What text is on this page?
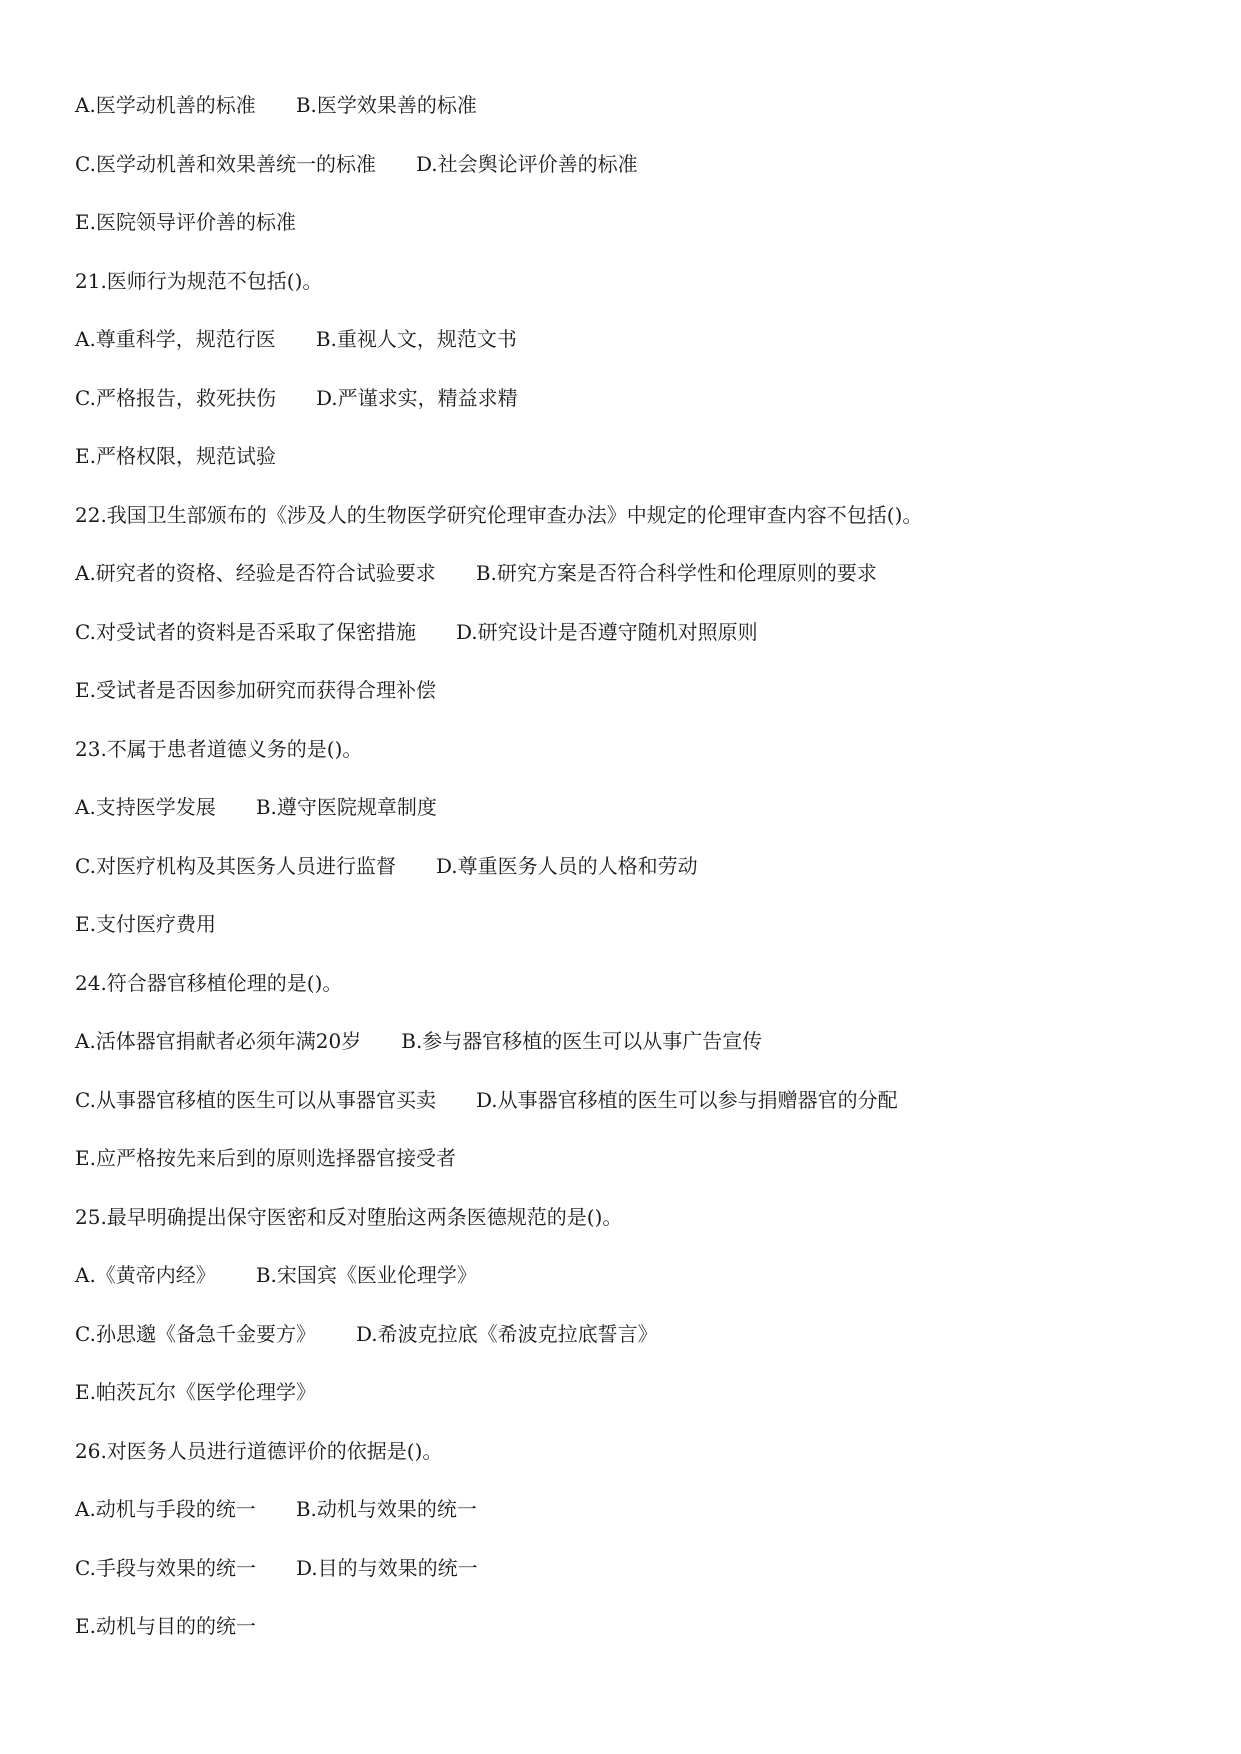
A.医学动机善的标准 B.医学效果善的标准
C.医学动机善和效果善统一的标准 D.社会舆论评价善的标准
E.医院领导评价善的标准
21.医师行为规范不包括()。
A.尊重科学，规范行医 B.重视人文，规范文书
C.严格报告，救死扶伤 D.严谨求实，精益求精
E.严格权限，规范试验
22.我国卫生部颁布的《涉及人的生物医学研究伦理审查办法》中规定的伦理审查内容不包括()。
A.研究者的资格、经验是否符合试验要求 B.研究方案是否符合科学性和伦理原则的要求
C.对受试者的资料是否采取了保密措施 D.研究设计是否遵守随机对照原则
E.受试者是否因参加研究而获得合理补偿
23.不属于患者道德义务的是()。
A.支持医学发展 B.遵守医院规章制度
C.对医疗机构及其医务人员进行监督 D.尊重医务人员的人格和劳动
E.支付医疗费用
24.符合器官移植伦理的是()。
A.活体器官捐献者必须年满20岁 B.参与器官移植的医生可以从事广告宣传
C.从事器官移植的医生可以从事器官买卖 D.从事器官移植的医生可以参与捐赠器官的分配
E.应严格按先来后到的原则选择器官接受者
25.最早明确提出保守医密和反对堕胎这两条医德规范的是()。
A.《黄帝内经》 B.宋国宾《医业伦理学》
C.孙思邈《备急千金要方》 D.希波克拉底《希波克拉底誓言》
E.帕茨瓦尔《医学伦理学》
26.对医务人员进行道德评价的依据是()。
A.动机与手段的统一 B.动机与效果的统一
C.手段与效果的统一 D.目的与效果的统一
E.动机与目的的统一
